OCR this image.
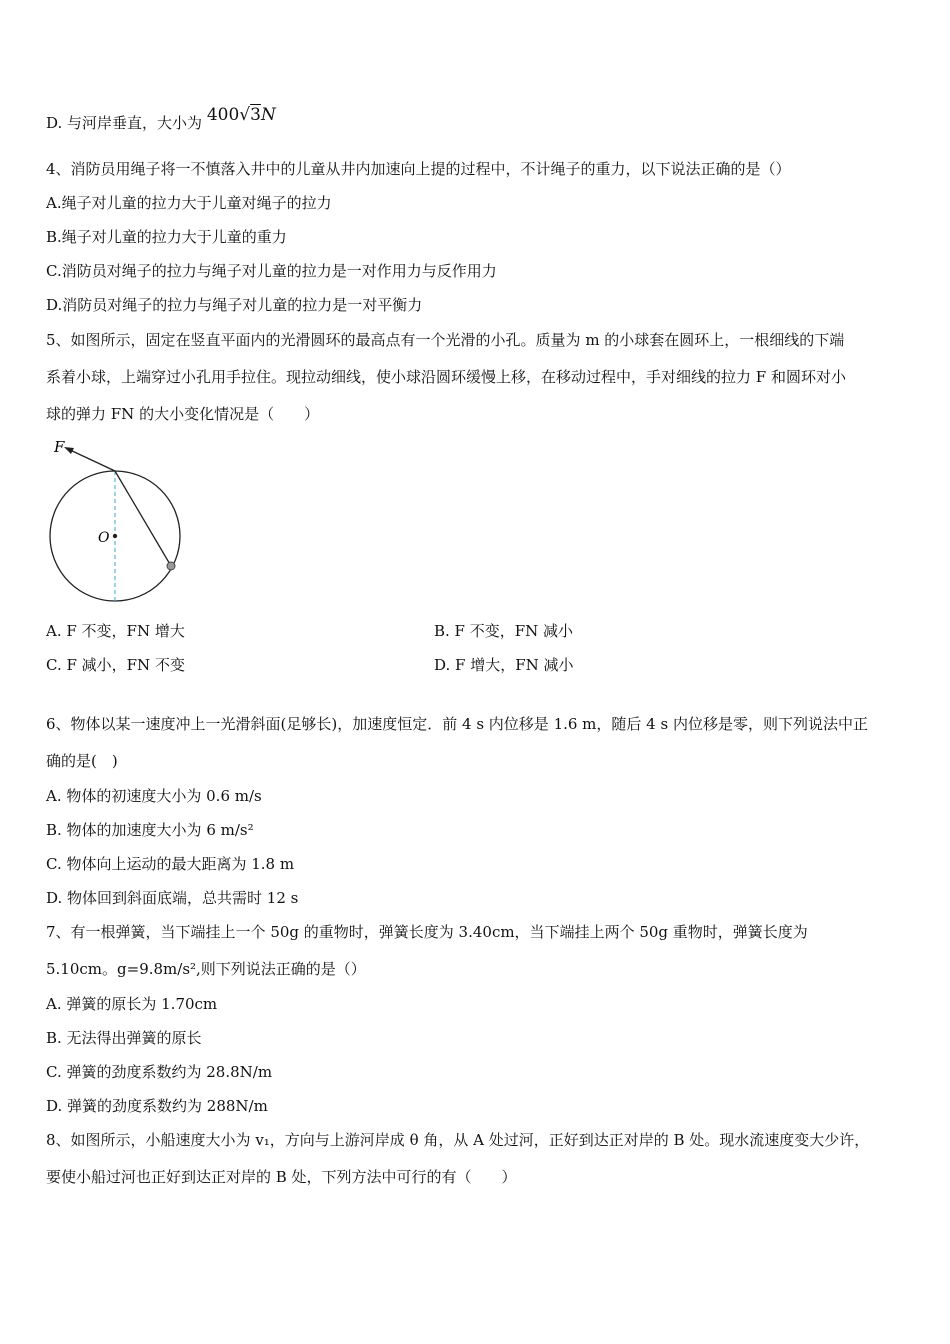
D. 与河岸垂直，大小为 400√3N
4、消防员用绳子将一不慎落入井中的儿童从井内加速向上提的过程中，不计绳子的重力，以下说法正确的是（）
A.绳子对儿童的拉力大于儿童对绳子的拉力
B.绳子对儿童的拉力大于儿童的重力
C.消防员对绳子的拉力与绳子对儿童的拉力是一对作用力与反作用力
D.消防员对绳子的拉力与绳子对儿童的拉力是一对平衡力
5、如图所示，固定在竖直平面内的光滑圆环的最高点有一个光滑的小孔。质量为 m 的小球套在圆环上，一根细线的下端
系着小球，上端穿过小孔用手拉住。现拉动细线，使小球沿圆环缓慢上移，在移动过程中，手对细线的拉力 F 和圆环对小
球的弹力 FN 的大小变化情况是（　　）
F
O
A. F 不变，FN 增大	B. F 不变，FN 减小
C. F 减小，FN 不变	D. F 增大，FN 减小
6、物体以某一速度冲上一光滑斜面(足够长)，加速度恒定．前 4 s 内位移是 1.6 m，随后 4 s 内位移是零，则下列说法中正
确的是(　)
A. 物体的初速度大小为 0.6 m/s
B. 物体的加速度大小为 6 m/s²
C. 物体向上运动的最大距离为 1.8 m
D. 物体回到斜面底端，总共需时 12 s
7、有一根弹簧，当下端挂上一个 50g 的重物时，弹簧长度为 3.40cm，当下端挂上两个 50g 重物时，弹簧长度为
5.10cm。g=9.8m/s²,则下列说法正确的是（）
A. 弹簧的原长为 1.70cm
B. 无法得出弹簧的原长
C. 弹簧的劲度系数约为 28.8N/m
D. 弹簧的劲度系数约为 288N/m
8、如图所示，小船速度大小为 v₁，方向与上游河岸成 θ 角，从 A 处过河，正好到达正对岸的 B 处。现水流速度变大少许，
要使小船过河也正好到达正对岸的 B 处，下列方法中可行的有（　　）
